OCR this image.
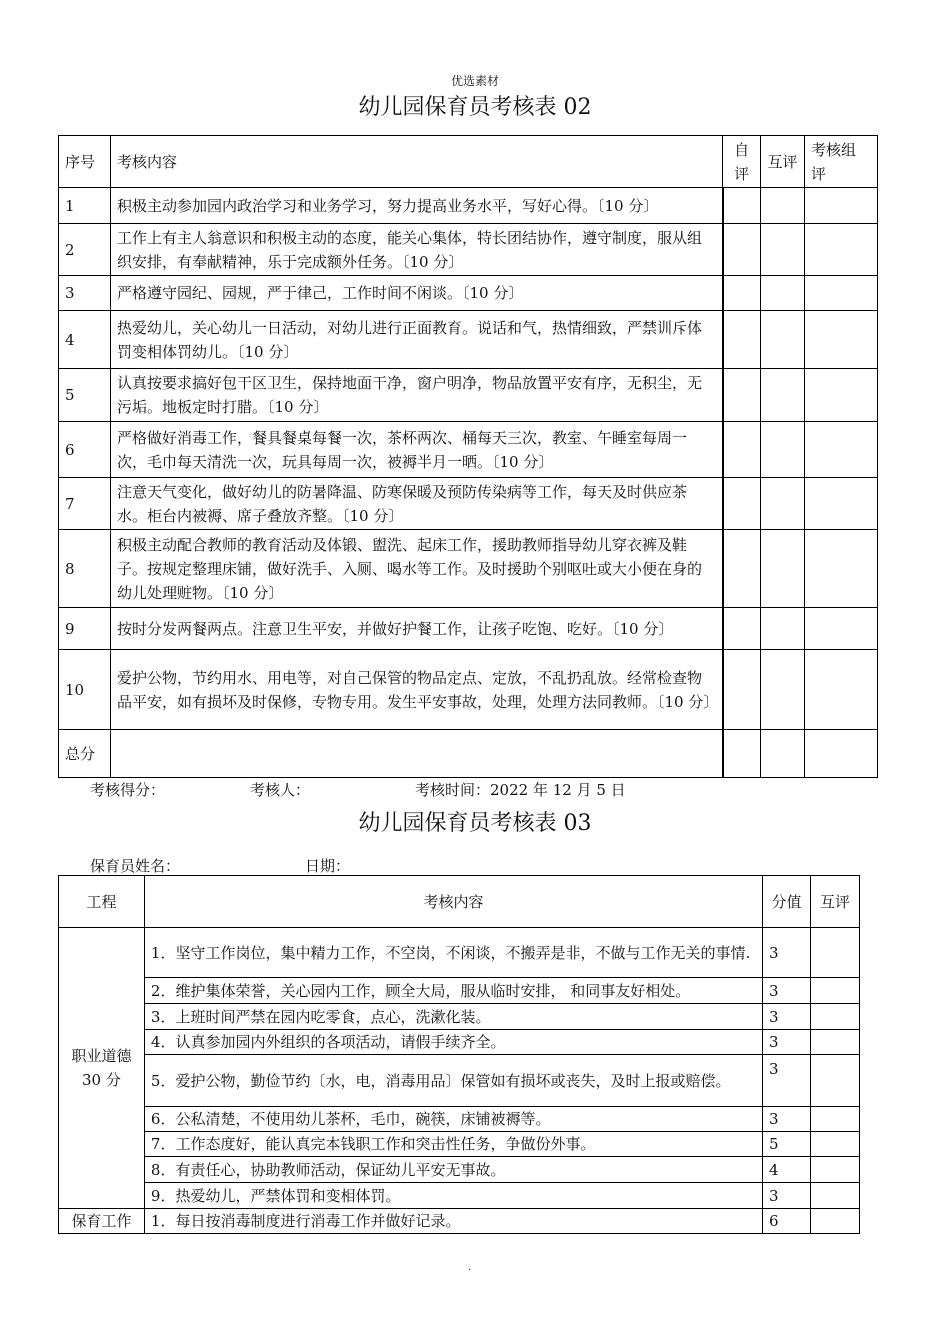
优选素材
幼儿园保育员考核表 02
序号	考核内容	自评	互评	考核组评
1	积极主动参加园内政治学习和业务学习，努力提高业务水平，写好心得。〔10 分〕			
2	工作上有主人翁意识和积极主动的态度，能关心集体，特长团结协作，遵守制度，服从组织安排，有奉献精神，乐于完成额外任务。〔10 分〕			
3	严格遵守园纪、园规，严于律己，工作时间不闲谈。〔10 分〕			
4	热爱幼儿，关心幼儿一日活动，对幼儿进行正面教育。说话和气，热情细致，严禁训斥体罚变相体罚幼儿。〔10 分〕			
5	认真按要求搞好包干区卫生，保持地面干净，窗户明净，物品放置平安有序，无积尘，无污垢。地板定时打腊。〔10 分〕			
6	严格做好消毒工作，餐具餐桌每餐一次，茶杯两次、桶每天三次，教室、午睡室每周一次，毛巾每天清洗一次，玩具每周一次，被褥半月一晒。〔10 分〕			
7	注意天气变化，做好幼儿的防暑降温、防寒保暖及预防传染病等工作，每天及时供应茶水。柜台内被褥、席子叠放齐整。〔10 分〕			
8	积极主动配合教师的教育活动及体锻、盥洗、起床工作，援助教师指导幼儿穿衣裤及鞋子。按规定整理床铺，做好洗手、入厕、喝水等工作。及时援助个别呕吐或大小便在身的幼儿处理赃物。〔10 分〕			
9	按时分发两餐两点。注意卫生平安，并做好护餐工作，让孩子吃饱、吃好。〔10 分〕			
10	爱护公物，节约用水、用电等，对自己保管的物品定点、定放，不乱扔乱放。经常检查物品平安，如有损坏及时保修，专物专用。发生平安事故，处理，处理方法同教师。〔10 分〕			
总分				
考核得分：	考核人：	考核时间：2022 年 12 月 5 日
幼儿园保育员考核表 03
保育员姓名：	日期：
工程	考核内容	分值	互评

职业道德
30 分	1．坚守工作岗位，集中精力工作，不空岗，不闲谈，不搬弄是非，不做与工作无关的事情.	3	
	2．维护集体荣誉，关心园内工作，顾全大局，服从临时安排， 和同事友好相处。	3	
	3．上班时间严禁在园内吃零食，点心，洗漱化装。	3	
	4．认真参加园内外组织的各项活动，请假手续齐全。	3	
	5．爱护公物，勤俭节约〔水，电，消毒用品〕保管如有损坏或丧失，及时上报或赔偿。	3	
	6．公私清楚，不使用幼儿茶杯，毛巾，碗筷，床铺被褥等。	3	
	7．工作态度好，能认真完本钱职工作和突击性任务，争做份外事。	5	
	8．有责任心，协助教师活动，保证幼儿平安无事故。	4	
	9．热爱幼儿，严禁体罚和变相体罚。	3	
保育工作	1．每日按消毒制度进行消毒工作并做好记录。	6	
.
